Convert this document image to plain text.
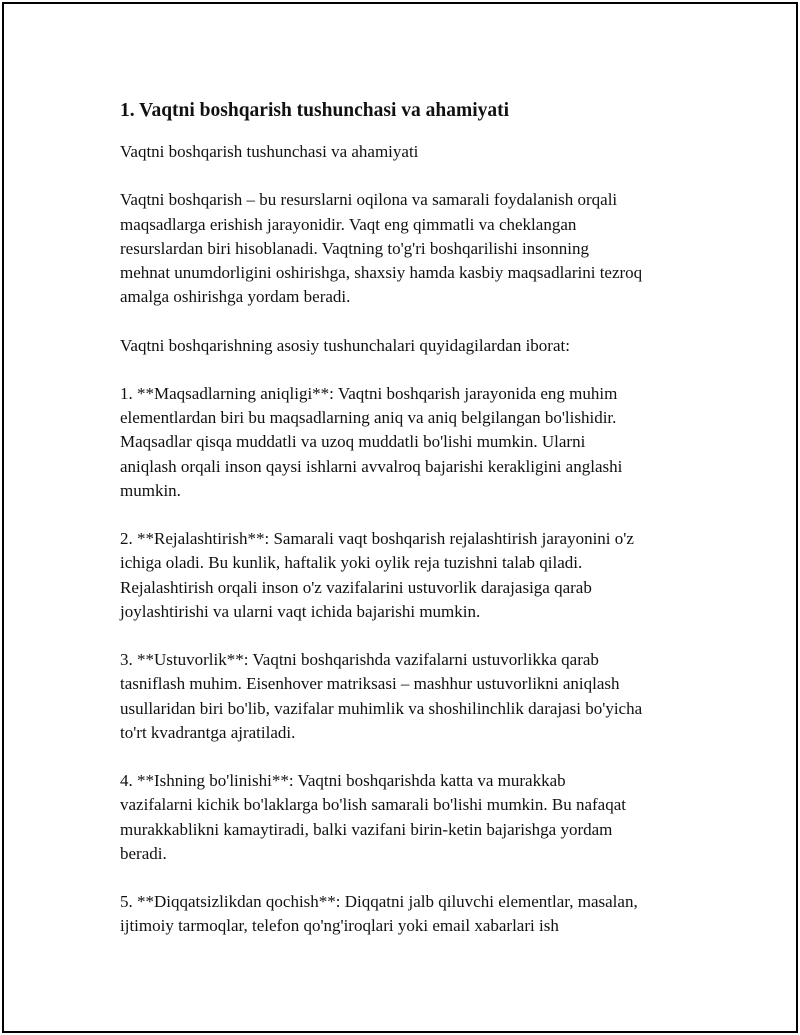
1. Vaqtni boshqarish tushunchasi va ahamiyati
Vaqtni boshqarish tushunchasi va ahamiyati
Vaqtni boshqarish – bu resurslarni oqilona va samarali foydalanish orqali
maqsadlarga erishish jarayonidir. Vaqt eng qimmatli va cheklangan
resurslardan biri hisoblanadi. Vaqtning to'g'ri boshqarilishi insonning
mehnat unumdorligini oshirishga, shaxsiy hamda kasbiy maqsadlarini tezroq
amalga oshirishga yordam beradi.
Vaqtni boshqarishning asosiy tushunchalari quyidagilardan iborat:
1. **Maqsadlarning aniqligi**: Vaqtni boshqarish jarayonida eng muhim
elementlardan biri bu maqsadlarning aniq va aniq belgilangan bo'lishidir.
Maqsadlar qisqa muddatli va uzoq muddatli bo'lishi mumkin. Ularni
aniqlash orqali inson qaysi ishlarni avvalroq bajarishi kerakligini anglashi
mumkin.
2. **Rejalashtirish**: Samarali vaqt boshqarish rejalashtirish jarayonini o'z
ichiga oladi. Bu kunlik, haftalik yoki oylik reja tuzishni talab qiladi.
Rejalashtirish orqali inson o'z vazifalarini ustuvorlik darajasiga qarab
joylashtirishi va ularni vaqt ichida bajarishi mumkin.
3. **Ustuvorlik**: Vaqtni boshqarishda vazifalarni ustuvorlikka qarab
tasniflash muhim. Eisenhover matriksasi – mashhur ustuvorlikni aniqlash
usullaridan biri bo'lib, vazifalar muhimlik va shoshilinchlik darajasi bo'yicha
to'rt kvadrantga ajratiladi.
4. **Ishning bo'linishi**: Vaqtni boshqarishda katta va murakkab
vazifalarni kichik bo'laklarga bo'lish samarali bo'lishi mumkin. Bu nafaqat
murakkablikni kamaytiradi, balki vazifani birin-ketin bajarishga yordam
beradi.
5. **Diqqatsizlikdan qochish**: Diqqatni jalb qiluvchi elementlar, masalan,
ijtimoiy tarmoqlar, telefon qo'ng'iroqlari yoki email xabarlari ish
